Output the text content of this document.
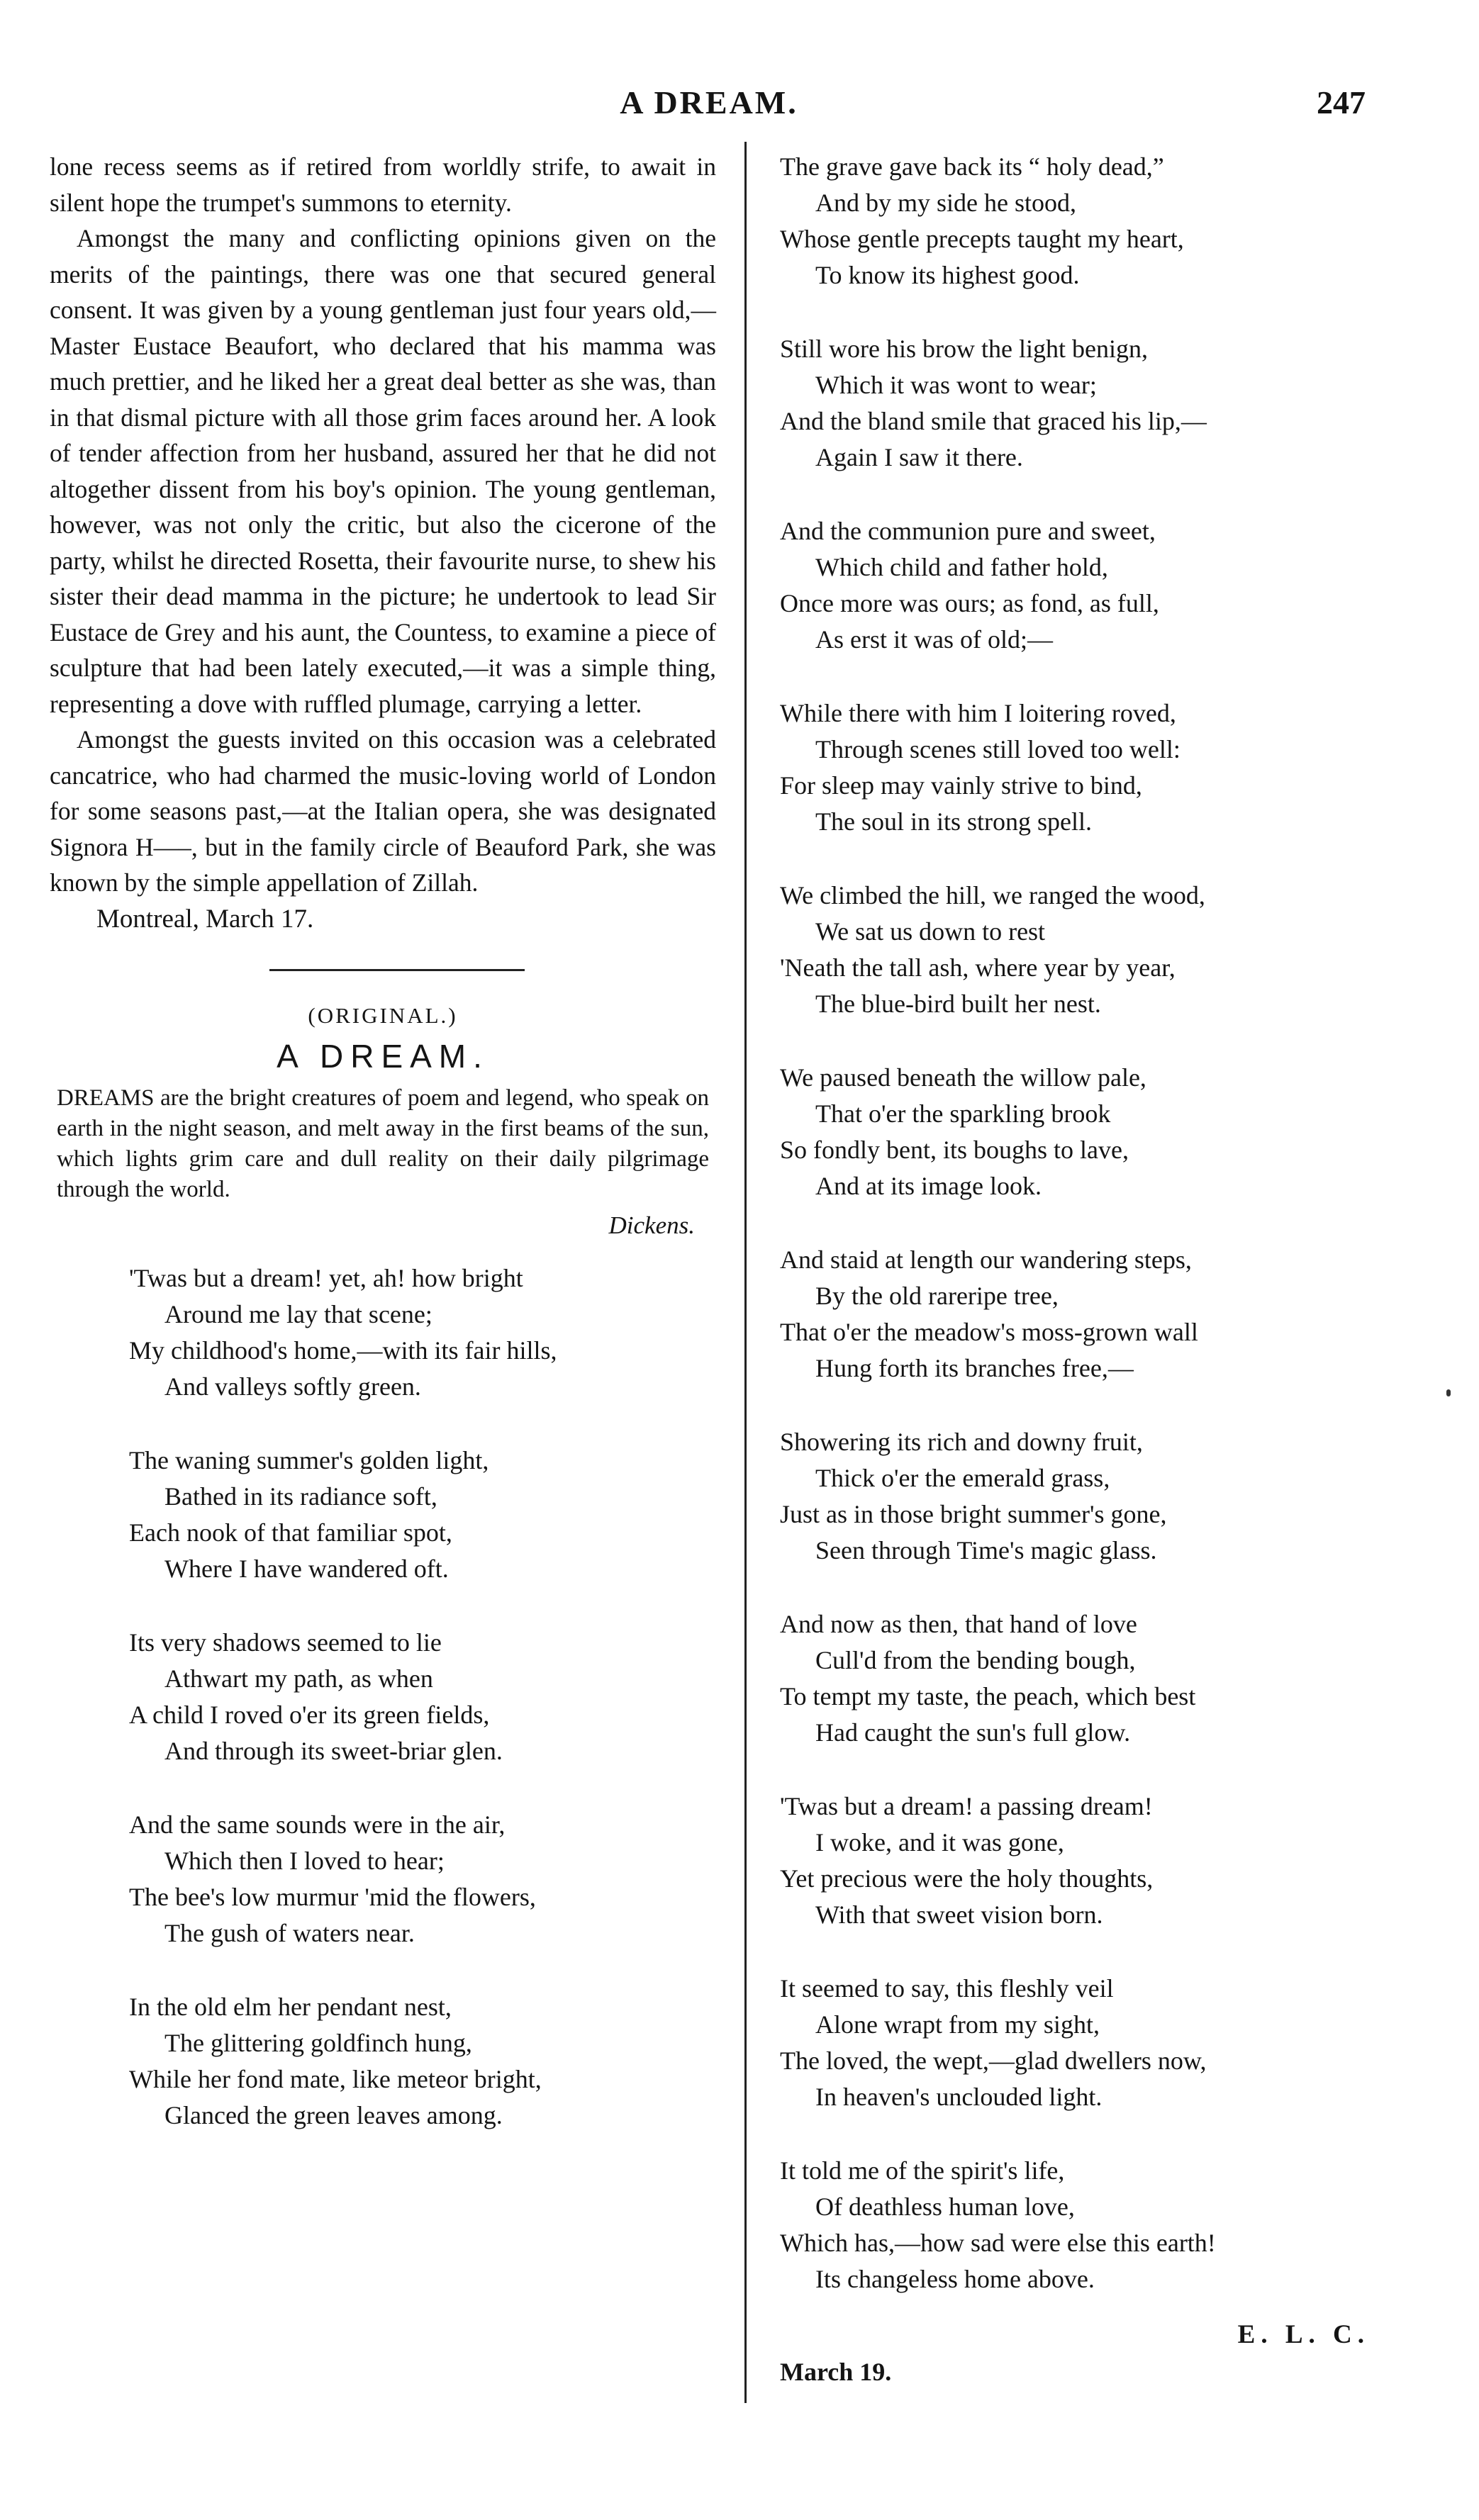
A DREAM.	247

lone recess seems as if retired from worldly strife, to await in silent hope the trumpet's summons to eternity.

Amongst the many and conflicting opinions given on the merits of the paintings, there was one that secured general consent. It was given by a young gentleman just four years old,—Master Eustace Beaufort, who declared that his mamma was much prettier, and he liked her a great deal better as she was, than in that dismal picture with all those grim faces around her. A look of tender affection from her husband, assured her that he did not altogether dissent from his boy's opinion. The young gentleman, however, was not only the critic, but also the cicerone of the party, whilst he directed Rosetta, their favourite nurse, to shew his sister their dead mamma in the picture; he undertook to lead Sir Eustace de Grey and his aunt, the Countess, to examine a piece of sculpture that had been lately executed,—it was a simple thing, representing a dove with ruffled plumage, carrying a letter.

Amongst the guests invited on this occasion was a celebrated cancatrice, who had charmed the music-loving world of London for some seasons past,—at the Italian opera, she was designated Signora H—–, but in the family circle of Beauford Park, she was known by the simple appellation of Zillah.

Montreal, March 17.
(ORIGINAL.)
A DREAM.
DREAMS are the bright creatures of poem and legend, who speak on earth in the night season, and melt away in the first beams of the sun, which lights grim care and dull reality on their daily pilgrimage through the world.
Dickens.
'Twas but a dream! yet, ah! how bright
Around me lay that scene;
My childhood's home,—with its fair hills,
And valleys softly green.
The waning summer's golden light,
Bathed in its radiance soft,
Each nook of that familiar spot,
Where I have wandered oft.
Its very shadows seemed to lie
Athwart my path, as when
A child I roved o'er its green fields,
And through its sweet-briar glen.
And the same sounds were in the air,
Which then I loved to hear;
The bee's low murmur 'mid the flowers,
The gush of waters near.
In the old elm her pendant nest,
The glittering goldfinch hung,
While her fond mate, like meteor bright,
Glanced the green leaves among.
The grave gave back its “ holy dead,”
And by my side he stood,
Whose gentle precepts taught my heart,
To know its highest good.
Still wore his brow the light benign,
Which it was wont to wear;
And the bland smile that graced his lip,—
Again I saw it there.
And the communion pure and sweet,
Which child and father hold,
Once more was ours; as fond, as full,
As erst it was of old;—
While there with him I loitering roved,
Through scenes still loved too well:
For sleep may vainly strive to bind,
The soul in its strong spell.
We climbed the hill, we ranged the wood,
We sat us down to rest
'Neath the tall ash, where year by year,
The blue-bird built her nest.
We paused beneath the willow pale,
That o'er the sparkling brook
So fondly bent, its boughs to lave,
And at its image look.
And staid at length our wandering steps,
By the old rareripe tree,
That o'er the meadow's moss-grown wall
Hung forth its branches free,—
Showering its rich and downy fruit,
Thick o'er the emerald grass,
Just as in those bright summer's gone,
Seen through Time's magic glass.
And now as then, that hand of love
Cull'd from the bending bough,
To tempt my taste, the peach, which best
Had caught the sun's full glow.
'Twas but a dream! a passing dream!
I woke, and it was gone,
Yet precious were the holy thoughts,
With that sweet vision born.
It seemed to say, this fleshly veil
Alone wrapt from my sight,
The loved, the wept,—glad dwellers now,
In heaven's unclouded light.
It told me of the spirit's life,
Of deathless human love,
Which has,—how sad were else this earth!
Its changeless home above.
E. L. C.
March 19.
